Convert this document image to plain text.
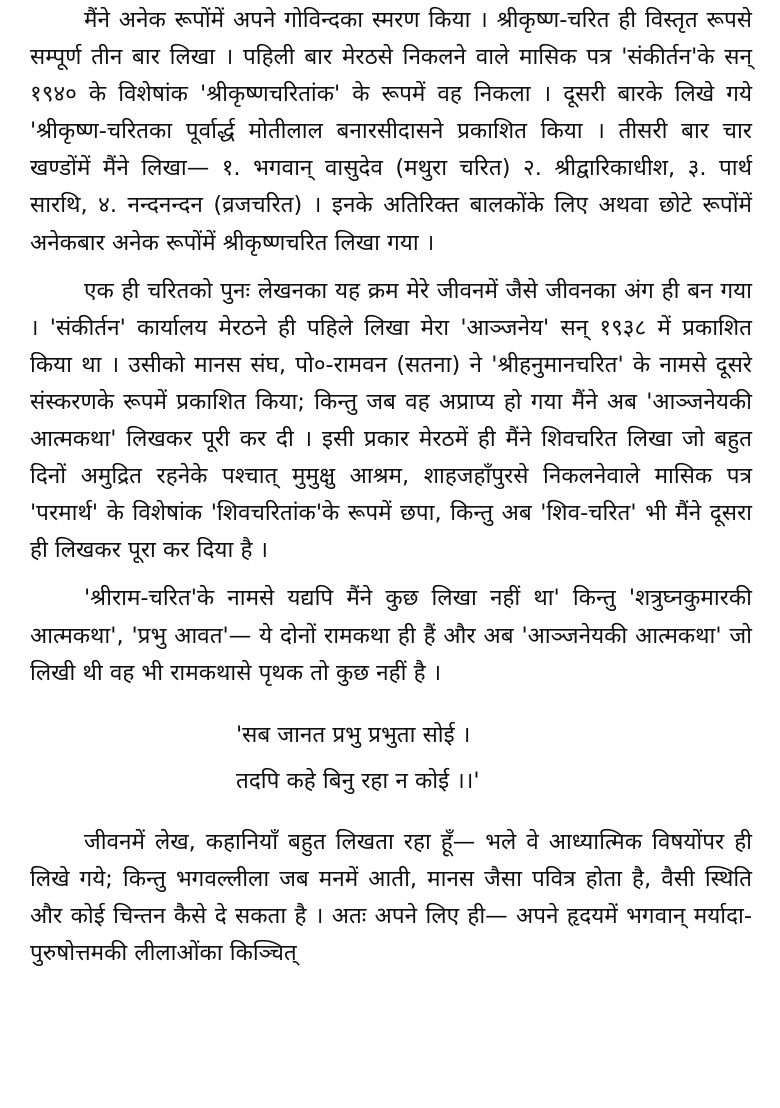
मैंने अनेक रूपोंमें अपने गोविन्दका स्मरण किया । श्रीकृष्ण-चरित ही विस्तृत रूपसे सम्पूर्ण तीन बार लिखा । पहिली बार मेरठसे निकलने वाले मासिक पत्र 'संकीर्तन'के सन् १९४० के विशेषांक 'श्रीकृष्णचरितांक' के रूपमें वह निकला । दूसरी बारके लिखे गये 'श्रीकृष्ण-चरितका पूर्वार्द्ध मोतीलाल बनारसीदासने प्रकाशित किया । तीसरी बार चार खण्डोंमें मैंने लिखा— १. भगवान् वासुदेव (मथुरा चरित) २. श्रीद्वारिकाधीश, ३. पार्थ सारथि, ४. नन्दनन्दन (व्रजचरित) । इनके अतिरिक्त बालकोंके लिए अथवा छोटे रूपोंमें अनेकबार अनेक रूपोंमें श्रीकृष्णचरित लिखा गया ।

एक ही चरितको पुनः लेखनका यह क्रम मेरे जीवनमें जैसे जीवनका अंग ही बन गया । 'संकीर्तन' कार्यालय मेरठने ही पहिले लिखा मेरा 'आञ्जनेय' सन् १९३८ में प्रकाशित किया था । उसीको मानस संघ, पो०-रामवन (सतना) ने 'श्रीहनुमानचरित' के नामसे दूसरे संस्करणके रूपमें प्रकाशित किया; किन्तु जब वह अप्राप्य हो गया मैंने अब 'आञ्जनेयकी आत्मकथा' लिखकर पूरी कर दी । इसी प्रकार मेरठमें ही मैंने शिवचरित लिखा जो बहुत दिनों अमुद्रित रहनेके पश्चात् मुमुक्षु आश्रम, शाहजहाँपुरसे निकलनेवाले मासिक पत्र 'परमार्थ' के विशेषांक 'शिवचरितांक'के रूपमें छपा, किन्तु अब 'शिव-चरित' भी मैंने दूसरा ही लिखकर पूरा कर दिया है ।

'श्रीराम-चरित'के नामसे यद्यपि मैंने कुछ लिखा नहीं था' किन्तु 'शत्रुघ्नकुमारकी आत्मकथा', 'प्रभु आवत'— ये दोनों रामकथा ही हैं और अब 'आञ्जनेयकी आत्मकथा' जो लिखी थी वह भी रामकथासे पृथक तो कुछ नहीं है ।

'सब जानत प्रभु प्रभुता सोई ।
तदपि कहे बिनु रहा न कोई ।।'

जीवनमें लेख, कहानियाँ बहुत लिखता रहा हूँ— भले वे आध्यात्मिक विषयोंपर ही लिखे गये; किन्तु भगवल्लीला जब मनमें आती, मानस जैसा पवित्र होता है, वैसी स्थिति और कोई चिन्तन कैसे दे सकता है । अतः अपने लिए ही— अपने हृदयमें भगवान् मर्यादा-पुरुषोत्तमकी लीलाओंका किञ्चित्
